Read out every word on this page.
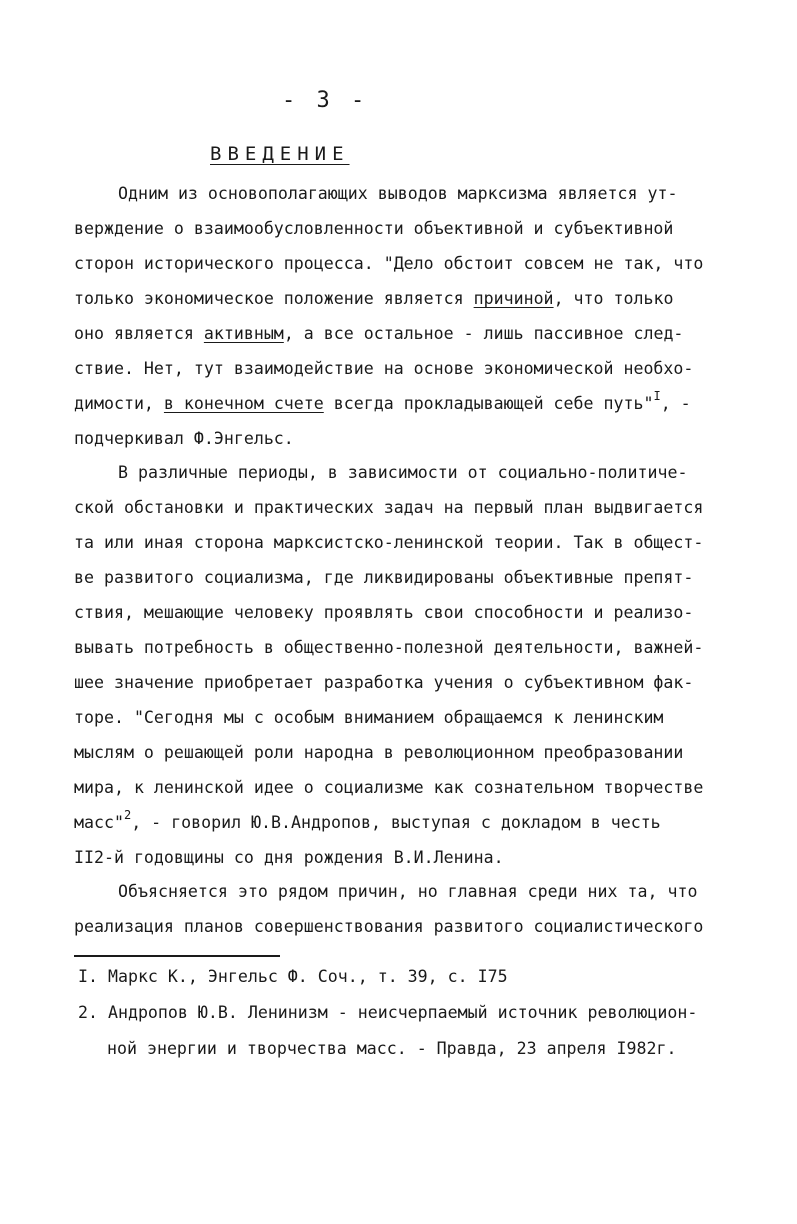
- 3 -
ВВЕДЕНИЕ
Одним из основополагающих выводов марксизма является ут-
верждение о взаимообусловленности объективной и субъективной
сторон исторического процесса. "Дело обстоит совсем не так, что
только экономическое положение является причиной, что только
оно является активным, а все остальное - лишь пассивное след-
ствие. Нет, тут взаимодействие на основе экономической необхо-
димости, в конечном счете всегда прокладывающей себе путь"$^I$, -
подчеркивал Ф.Энгельс.
В различные периоды, в зависимости от социально-политиче-
ской обстановки и практических задач на первый план выдвигается
та или иная сторона марксистско-ленинской теории. Так в общест-
ве развитого социализма, где ликвидированы объективные препят-
ствия, мешающие человеку проявлять свои способности и реализо-
вывать потребность в общественно-полезной деятельности, важней-
шее значение приобретает разработка учения о субъективном фак-
торе. "Сегодня мы с особым вниманием обращаемся к ленинским
мыслям о решающей роли народна в революционном преобразовании
мира, к ленинской идее о социализме как сознательном творчестве
масс"$^2$, - говорил Ю.В.Андропов, выступая с докладом в честь
II2-й годовщины со дня рождения В.И.Ленина.
Объясняется это рядом причин, но главная среди них та, что
реализация планов совершенствования развитого социалистического
I. Маркс К., Энгельс Ф. Соч., т. 39, с. I75
2. Андропов Ю.В. Ленинизм - неисчерпаемый источник революцион-
ной энергии и творчества масс. - Правда, 23 апреля I982г.
